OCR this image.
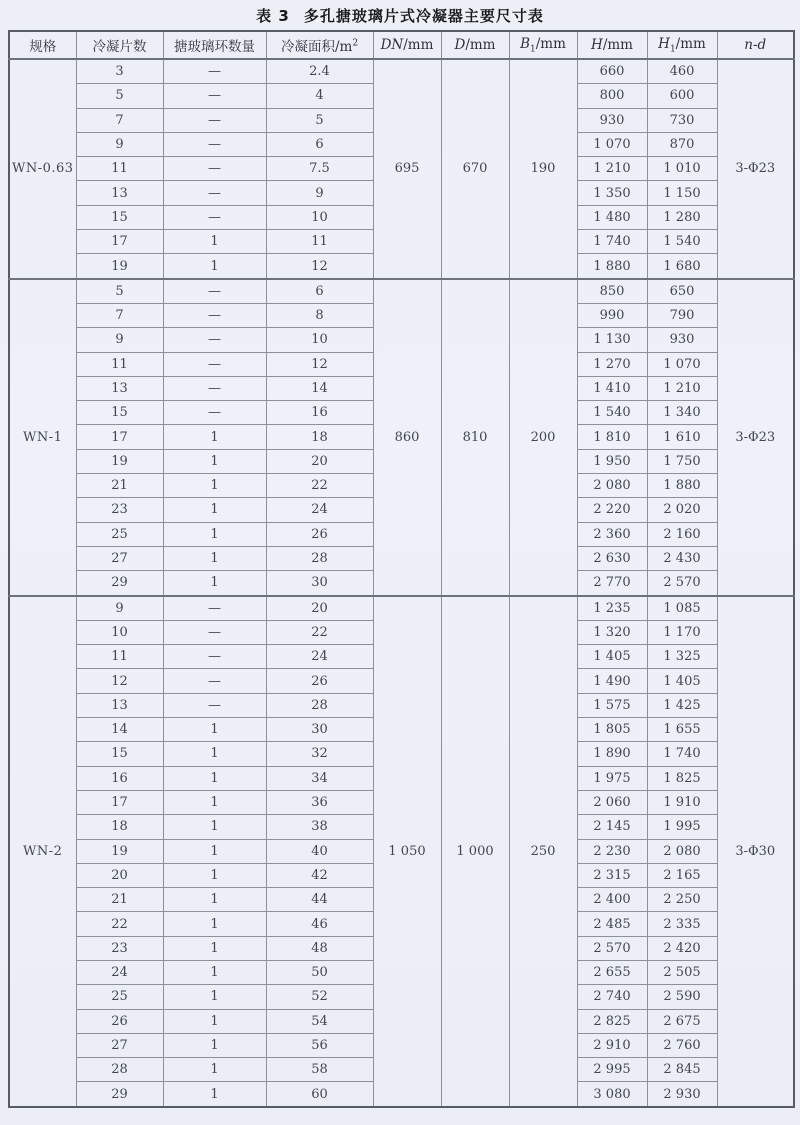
表 3 多孔搪玻璃片式冷凝器主要尺寸表
规格	冷凝片数	搪玻璃环数量	冷凝面积$/m^2$	DN/mm	D/mm	$B_1/mm$	H/mm	$H_1/mm$	n-d
WN-0.63	3	—	2.4	695	670	190	660	460	3-Φ23
	5	—	4				800	600	
	7	—	5				930	730	
	9	—	6				1 070	870	
	11	—	7.5				1 210	1 010	
	13	—	9				1 350	1 150	
	15	—	10				1 480	1 280	
	17	1	11				1 740	1 540	
	19	1	12				1 880	1 680	
WN-1	5	—	6	860	810	200	850	650	3-Φ23
	7	—	8				990	790	
	9	—	10				1 130	930	
	11	—	12				1 270	1 070	
	13	—	14				1 410	1 210	
	15	—	16				1 540	1 340	
	17	1	18				1 810	1 610	
	19	1	20				1 950	1 750	
	21	1	22				2 080	1 880	
	23	1	24				2 220	2 020	
	25	1	26				2 360	2 160	
	27	1	28				2 630	2 430	
	29	1	30				2 770	2 570	
WN-2	9	—	20	1 050	1 000	250	1 235	1 085	3-Φ30
	10	—	22				1 320	1 170	
	11	—	24				1 405	1 325	
	12	—	26				1 490	1 405	
	13	—	28				1 575	1 425	
	14	1	30				1 805	1 655	
	15	1	32				1 890	1 740	
	16	1	34				1 975	1 825	
	17	1	36				2 060	1 910	
	18	1	38				2 145	1 995	
	19	1	40				2 230	2 080	
	20	1	42				2 315	2 165	
	21	1	44				2 400	2 250	
	22	1	46				2 485	2 335	
	23	1	48				2 570	2 420	
	24	1	50				2 655	2 505	
	25	1	52				2 740	2 590	
	26	1	54				2 825	2 675	
	27	1	56				2 910	2 760	
	28	1	58				2 995	2 845	
	29	1	60				3 080	2 930	
